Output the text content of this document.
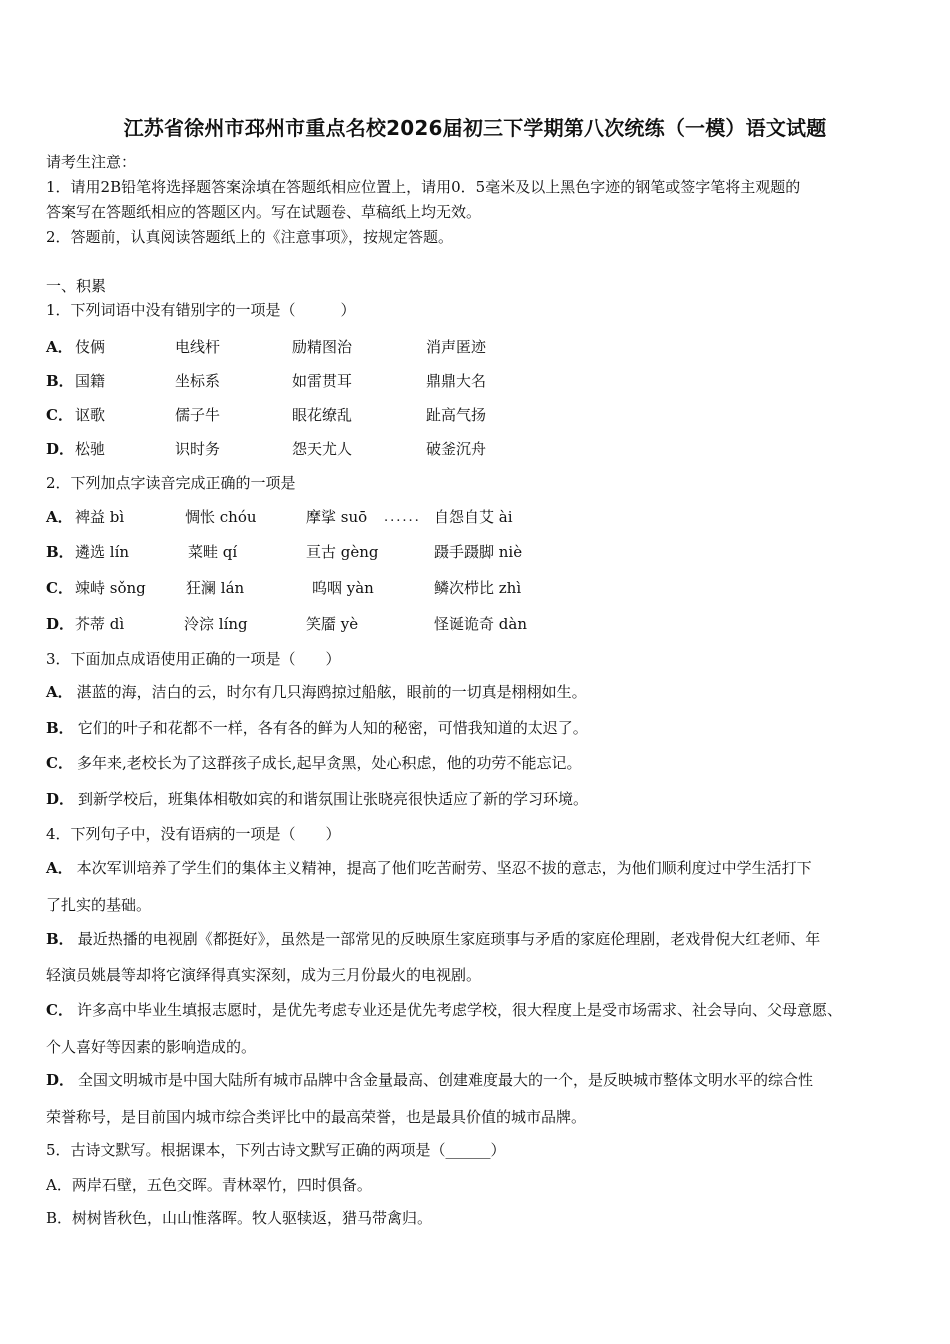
江苏省徐州市邳州市重点名校2026届初三下学期第八次统练（一模）语文试题
请考生注意：
1．请用2B铅笔将选择题答案涂填在答题纸相应位置上，请用0．5毫米及以上黑色字迹的钢笔或签字笔将主观题的
答案写在答题纸相应的答题区内。写在试题卷、草稿纸上均无效。
2．答题前，认真阅读答题纸上的《注意事项》，按规定答题。
一、积累
1．下列词语中没有错别字的一项是（　　　）
A． 伎俩	电线杆	励精图治	消声匿迹
B． 国籍	坐标系	如雷贯耳	鼎鼎大名
C． 讴歌	儒子牛	眼花缭乱	趾高气扬
D． 松驰	识时务	怨天尤人	破釜沉舟
2．下列加点字读音完成正确的一项是
A． 裨益 bì	惆怅 chóu	摩挲 suō ...... 自怨自艾 ài
B． 遴选 lín	菜畦 qí	亘古 gèng	蹑手蹑脚 niè
C． 竦峙 sǒng	狂澜 lán	呜咽 yàn	鳞次栉比 zhì
D． 芥蒂 dì	泠淙 líng	笑靥 yè	怪诞诡奇 dàn
3．下面加点成语使用正确的一项是（　　）
A． 湛蓝的海，洁白的云，时尔有几只海鸥掠过船舷，眼前的一切真是栩栩如生。
B． 它们的叶子和花都不一样，各有各的鲜为人知的秘密，可惜我知道的太迟了。
C． 多年来,老校长为了这群孩子成长,起早贪黑，处心积虑，他的功劳不能忘记。
D． 到新学校后，班集体相敬如宾的和谐氛围让张晓亮很快适应了新的学习环境。
4．下列句子中，没有语病的一项是（　　）
A． 本次军训培养了学生们的集体主义精神，提高了他们吃苦耐劳、坚忍不拔的意志，为他们顺利度过中学生活打下
了扎实的基础。
B． 最近热播的电视剧《都挺好》，虽然是一部常见的反映原生家庭琐事与矛盾的家庭伦理剧，老戏骨倪大红老师、年
轻演员姚晨等却将它演绎得真实深刻，成为三月份最火的电视剧。
C． 许多高中毕业生填报志愿时，是优先考虑专业还是优先考虑学校，很大程度上是受市场需求、社会导向、父母意愿、
个人喜好等因素的影响造成的。
D． 全国文明城市是中国大陆所有城市品牌中含金量最高、创建难度最大的一个，是反映城市整体文明水平的综合性
荣誉称号，是目前国内城市综合类评比中的最高荣誉，也是最具价值的城市品牌。
5．古诗文默写。根据课本，下列古诗文默写正确的两项是（______）
A．两岸石壁，五色交晖。青林翠竹，四时俱备。
B．树树皆秋色，山山惟落晖。牧人驱犊返，猎马带禽归。
